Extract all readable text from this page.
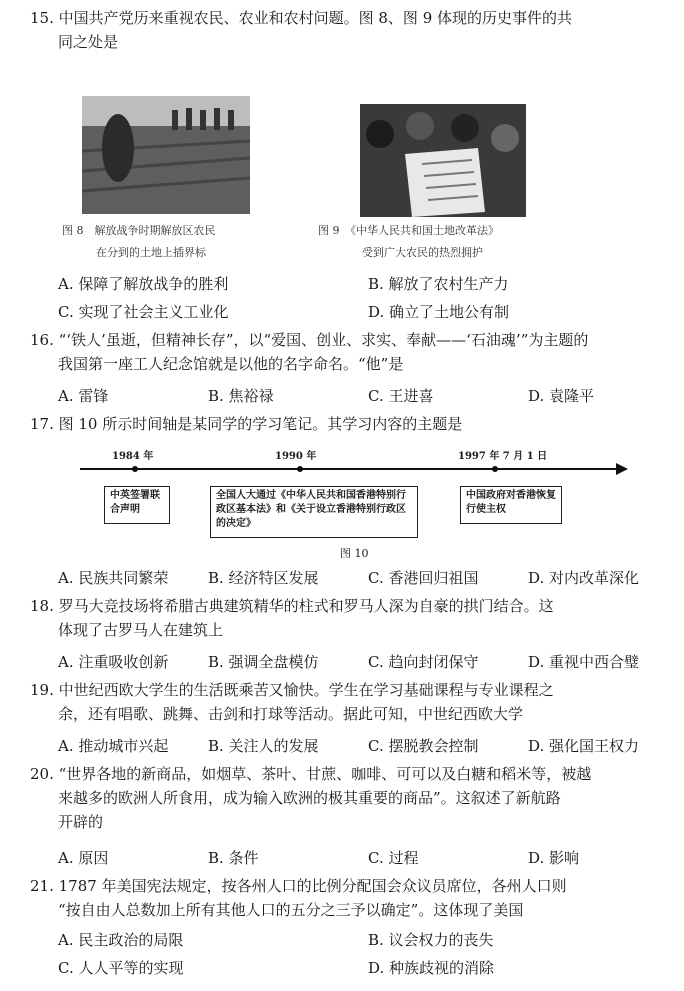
15. 中国共产党历来重视农民、农业和农村问题。图 8、图 9 体现的历史事件的共
同之处是
图 8　解放战争时期解放区农民
在分到的土地上插界标
图 9　《中华人民共和国土地改革法》
受到广大农民的热烈拥护
A. 保障了解放战争的胜利	B. 解放了农村生产力
C. 实现了社会主义工业化	D. 确立了土地公有制
16. “‘铁人’虽逝，但精神长存”，以“爱国、创业、求实、奉献——‘石油魂’”为主题的
我国第一座工人纪念馆就是以他的名字命名。“他”是
A. 雷锋	B. 焦裕禄	C. 王进喜	D. 袁隆平
17. 图 10 所示时间轴是某同学的学习笔记。其学习内容的主题是
1984 年	1990 年	1997 年 7 月 1 日
中英签署联合声明
全国人大通过《中华人民共和国香港特别行政区基本法》和《关于设立香港特别行政区的决定》
中国政府对香港恢复行使主权
图 10
A. 民族共同繁荣	B. 经济特区发展	C. 香港回归祖国	D. 对内改革深化
18. 罗马大竞技场将希腊古典建筑精华的柱式和罗马人深为自豪的拱门结合。这
体现了古罗马人在建筑上
A. 注重吸收创新	B. 强调全盘模仿	C. 趋向封闭保守	D. 重视中西合璧
19. 中世纪西欧大学生的生活既乘苦又愉快。学生在学习基础课程与专业课程之
余，还有唱歌、跳舞、击剑和打球等活动。据此可知，中世纪西欧大学
A. 推动城市兴起	B. 关注人的发展	C. 摆脱教会控制	D. 强化国王权力
20. “世界各地的新商品，如烟草、茶叶、甘蔗、咖啡、可可以及白糖和稻米等，被越
来越多的欧洲人所食用，成为输入欧洲的极其重要的商品”。这叙述了新航路
开辟的
A. 原因	B. 条件	C. 过程	D. 影响
21. 1787 年美国宪法规定，按各州人口的比例分配国会众议员席位，各州人口则
“按自由人总数加上所有其他人口的五分之三予以确定”。这体现了美国
A. 民主政治的局限	B. 议会权力的丧失
C. 人人平等的实现	D. 种族歧视的消除
